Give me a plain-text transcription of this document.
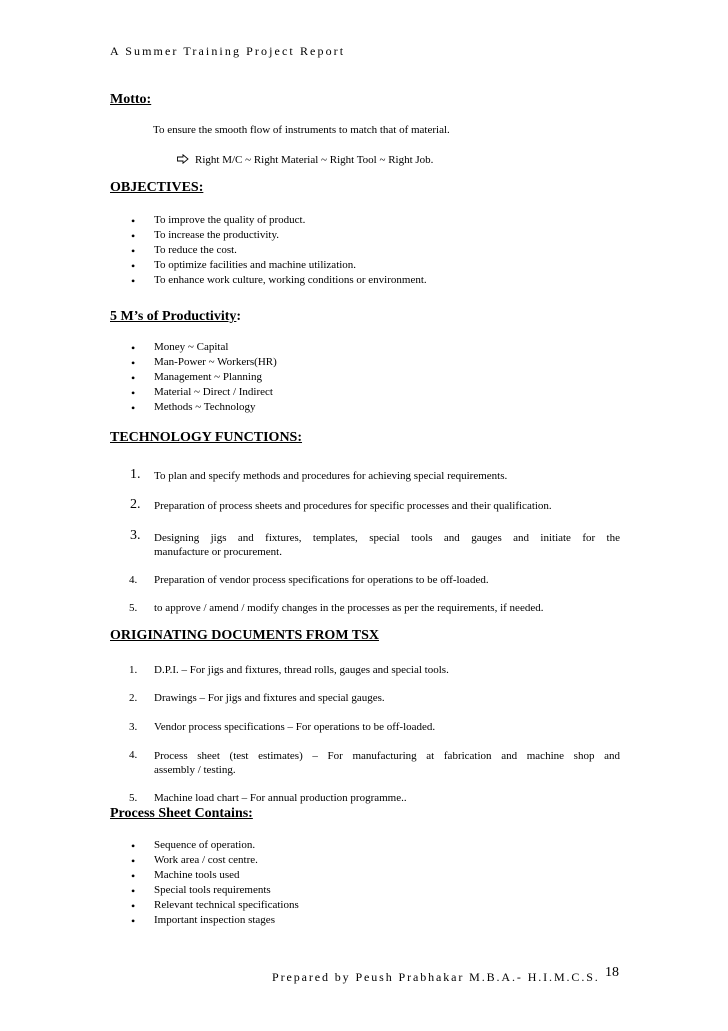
A Summer Training Project Report
Motto:
To ensure the smooth flow of instruments to match that of material.
Right M/C ~ Right Material ~ Right Tool ~ Right Job.
OBJECTIVES:
• To improve the quality of product.
• To increase the productivity.
• To reduce the cost.
• To optimize facilities and machine utilization.
• To enhance work culture, working conditions or environment.
5 M’s of Productivity:
• Money ~ Capital
• Man-Power ~ Workers(HR)
• Management ~ Planning
• Material ~ Direct / Indirect
• Methods ~ Technology
TECHNOLOGY FUNCTIONS:
1. To plan and specify methods and procedures for achieving special requirements.
2. Preparation of process sheets and procedures for specific processes and their qualification.
3. Designing jigs and fixtures, templates, special tools and gauges and initiate for the
manufacture or procurement.
4. Preparation of vendor process specifications for operations to be off-loaded.
5. to approve / amend / modify changes in the processes as per the requirements, if needed.
ORIGINATING DOCUMENTS FROM TSX
1. D.P.I. – For jigs and fixtures, thread rolls, gauges and special tools.
2. Drawings – For jigs and fixtures and special gauges.
3. Vendor process specifications – For operations to be off-loaded.
4. Process sheet (test estimates) – For manufacturing at fabrication and machine shop and
assembly / testing.
5. Machine load chart – For annual production programme..
Process Sheet Contains:
• Sequence of operation.
• Work area / cost centre.
• Machine tools used
• Special tools requirements
• Relevant technical specifications
• Important inspection stages
Prepared by Peush Prabhakar M.B.A.- H.I.M.C.S. 18
